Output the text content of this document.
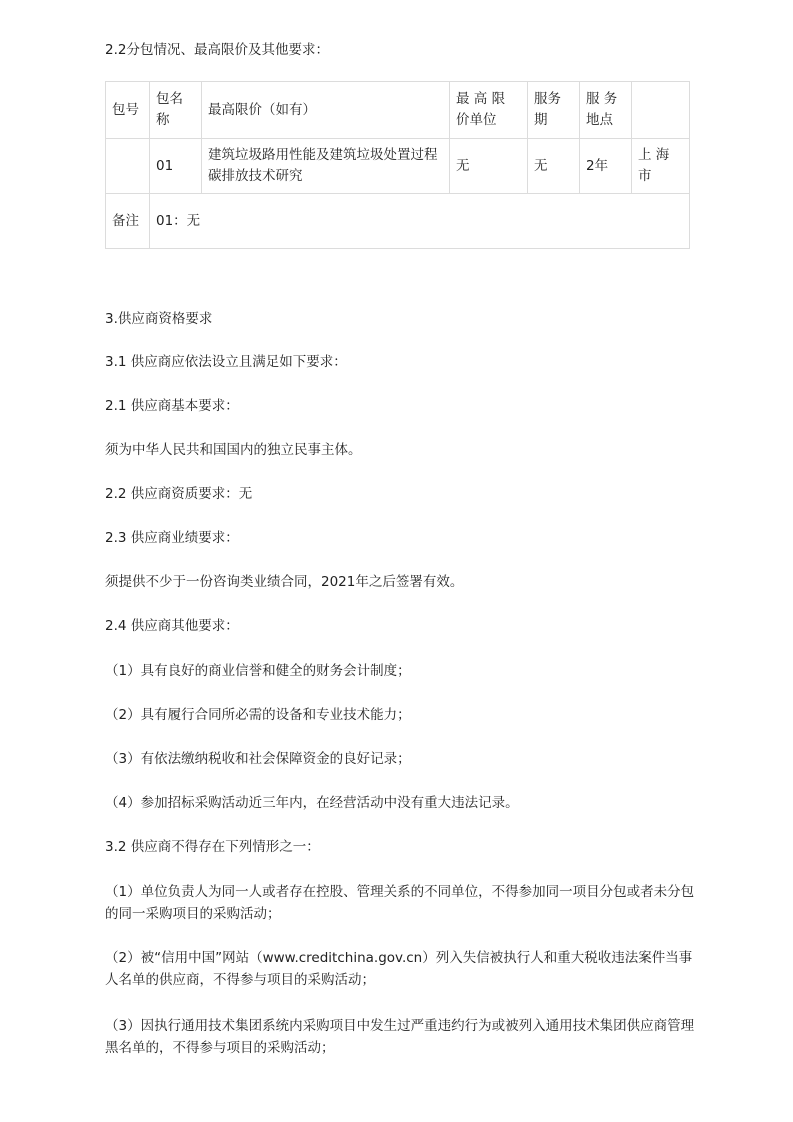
2.2分包情况、最高限价及其他要求：
包号	包名称	最高限价（如有）	最 高 限 价单位	服务期	服 务 地点	
	01	建筑垃圾路用性能及建筑垃圾处置过程碳排放技术研究	无	无	2年	上 海 市
备注	01：无					
3.供应商资格要求
3.1 供应商应依法设立且满足如下要求：
2.1 供应商基本要求：
须为中华人民共和国国内的独立民事主体。
2.2 供应商资质要求：无
2.3 供应商业绩要求：
须提供不少于一份咨询类业绩合同，2021年之后签署有效。
2.4 供应商其他要求：
（1）具有良好的商业信誉和健全的财务会计制度；
（2）具有履行合同所必需的设备和专业技术能力；
（3）有依法缴纳税收和社会保障资金的良好记录；
（4）参加招标采购活动近三年内，在经营活动中没有重大违法记录。
3.2 供应商不得存在下列情形之一：
（1）单位负责人为同一人或者存在控股、管理关系的不同单位，不得参加同一项目分包或者未分包的同一采购项目的采购活动；
（2）被“信用中国”网站（www.creditchina.gov.cn）列入失信被执行人和重大税收违法案件当事人名单的供应商，不得参与项目的采购活动；
（3）因执行通用技术集团系统内采购项目中发生过严重违约行为或被列入通用技术集团供应商管理黑名单的，不得参与项目的采购活动；
